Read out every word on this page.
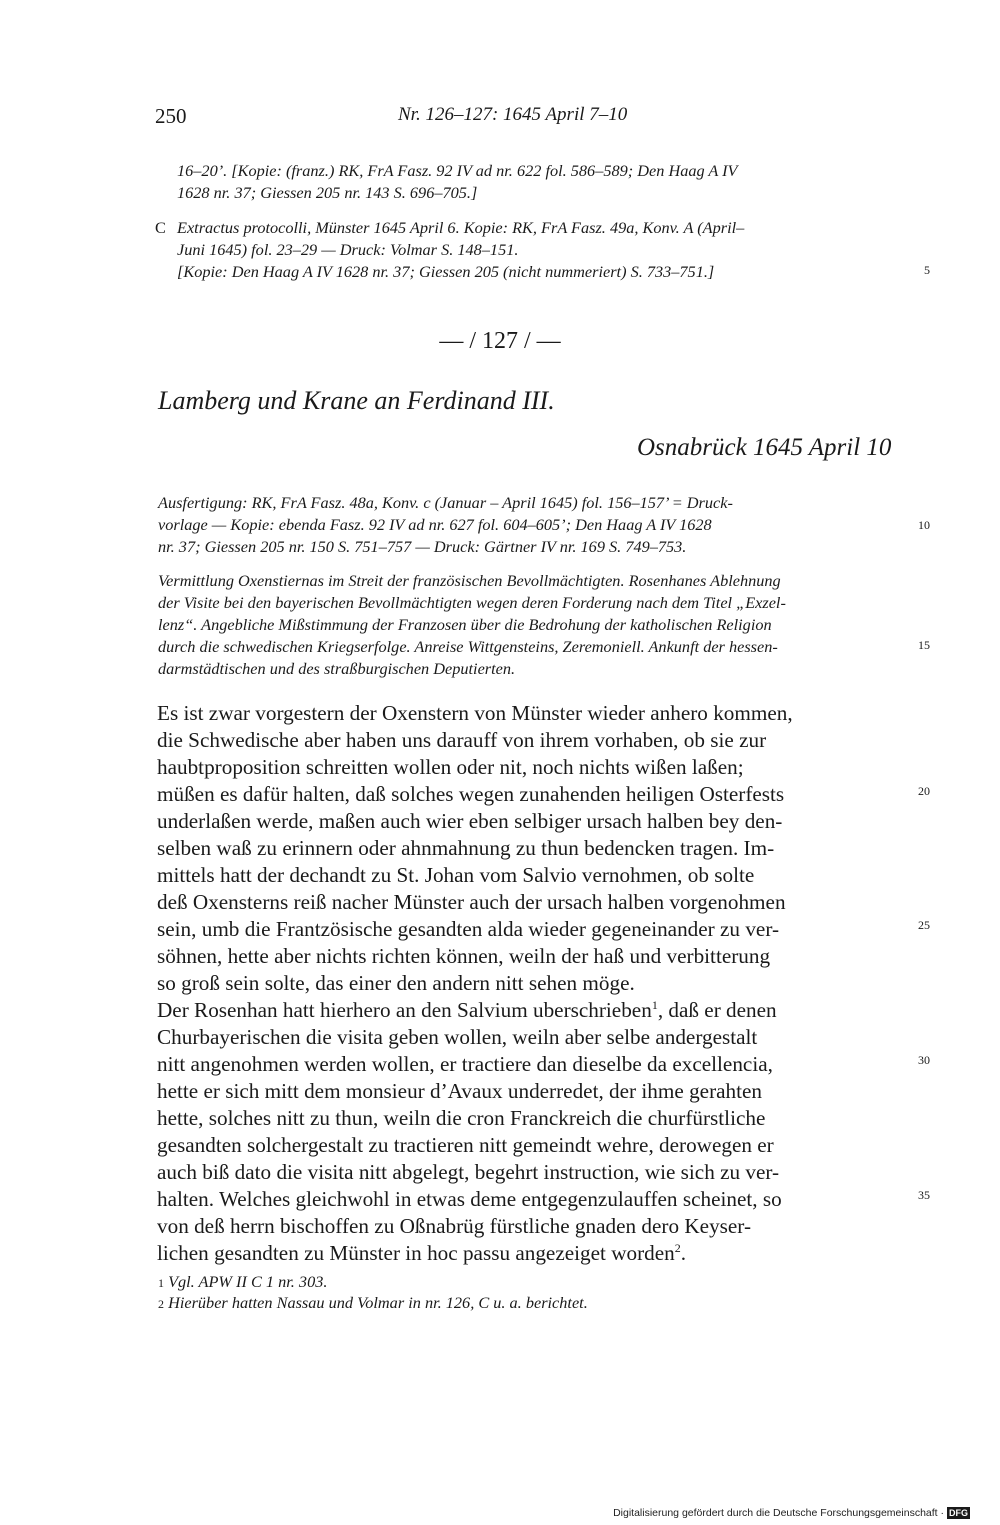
250	Nr. 126–127: 1645 April 7–10
16–20’. [Kopie: (franz.) RK, FrA Fasz. 92 IV ad nr. 622 fol. 586–589; Den Haag A IV
1628 nr. 37; Giessen 205 nr. 143 S. 696–705.]
C Extractus protocolli, Münster 1645 April 6. Kopie: RK, FrA Fasz. 49a, Konv. A (April–
Juni 1645) fol. 23–29 — Druck: Volmar S. 148–151.
[Kopie: Den Haag A IV 1628 nr. 37; Giessen 205 (nicht nummeriert) S. 733–751.]	5
— / 127 / —
Lamberg und Krane an Ferdinand III.
Osnabrück 1645 April 10
Ausfertigung: RK, FrA Fasz. 48a, Konv. c (Januar – April 1645) fol. 156–157’ = Druck-
vorlage — Kopie: ebenda Fasz. 92 IV ad nr. 627 fol. 604–605’; Den Haag A IV 1628
nr. 37; Giessen 205 nr. 150 S. 751–757 — Druck: Gärtner IV nr. 169 S. 749–753.
10
Vermittlung Oxenstiernas im Streit der französischen Bevollmächtigten. Rosenhanes Ablehnung
der Visite bei den bayerischen Bevollmächtigten wegen deren Forderung nach dem Titel „Exzel-
lenz“. Angebliche Mißstimmung der Franzosen über die Bedrohung der katholischen Religion
durch die schwedischen Kriegserfolge. Anreise Wittgensteins, Zeremoniell. Ankunft der hessen-
darmstädtischen und des straßburgischen Deputierten.
15
Es ist zwar vorgestern der Oxenstern von Münster wieder anhero kommen,
die Schwedische aber haben uns darauff von ihrem vorhaben, ob sie zur
haubtproposition schreitten wollen oder nit, noch nichts wißen laßen;
müßen es dafür halten, daß solches wegen zunahenden heiligen Osterfests
underlaßen werde, maßen auch wier eben selbiger ursach halben bey den-
selben waß zu erinnern oder ahnmahnung zu thun bedencken tragen. Im-
mittels hatt der dechandt zu St. Johan vom Salvio vernohmen, ob solte
deß Oxensterns reiß nacher Münster auch der ursach halben vorgenohmen
sein, umb die Frantzösische gesandten alda wieder gegeneinander zu ver-
söhnen, hette aber nichts richten können, weiln der haß und verbitterung
so groß sein solte, das einer den andern nitt sehen möge.
Der Rosenhan hatt hierhero an den Salvium uberschrieben$^1$, daß er denen
Churbayerischen die visita geben wollen, weiln aber selbe andergestalt
nitt angenohmen werden wollen, er tractiere dan dieselbe da excellencia,
hette er sich mitt dem monsieur d’Avaux underredet, der ihme gerahten
hette, solches nitt zu thun, weiln die cron Franckreich die churfürstliche
gesandten solchergestalt zu tractieren nitt gemeindt wehre, derowegen er
auch biß dato die visita nitt abgelegt, begehrt instruction, wie sich zu ver-
halten. Welches gleichwohl in etwas deme entgegenzulauffen scheinet, so
von deß herrn bischoffen zu Oßnabrüg fürstliche gnaden dero Keyser-
lichen gesandten zu Münster in hoc passu angezeiget worden$^2$.
20
25
30
35
1 Vgl. APW II C 1 nr. 303.
2 Hierüber hatten Nassau und Volmar in nr. 126, C u. a. berichtet.
Digitalisierung gefördert durch die Deutsche Forschungsgemeinschaft · DFG
